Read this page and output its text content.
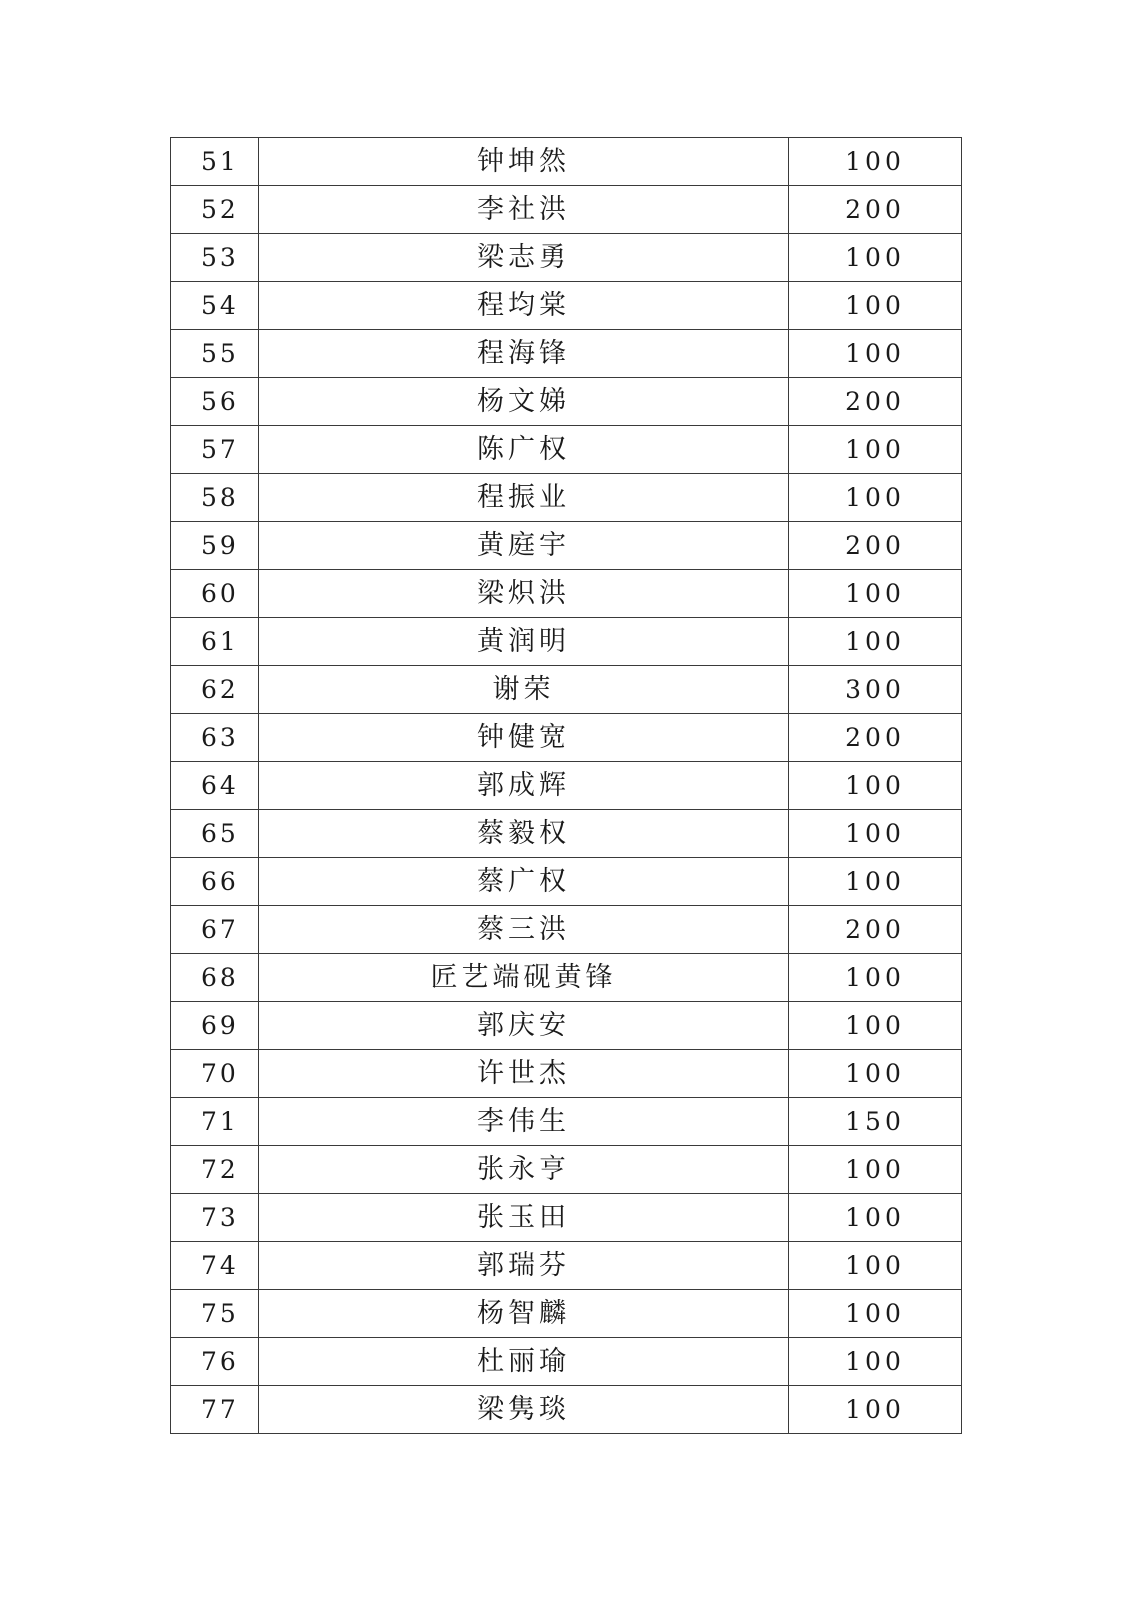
51	钟坤然	100
52	李社洪	200
53	梁志勇	100
54	程均棠	100
55	程海锋	100
56	杨文娣	200
57	陈广权	100
58	程振业	100
59	黄庭宇	200
60	梁炽洪	100
61	黄润明	100
62	谢荣	300
63	钟健宽	200
64	郭成辉	100
65	蔡毅权	100
66	蔡广权	100
67	蔡三洪	200
68	匠艺端砚黄锋	100
69	郭庆安	100
70	许世杰	100
71	李伟生	150
72	张永亨	100
73	张玉田	100
74	郭瑞芬	100
75	杨智麟	100
76	杜丽瑜	100
77	梁隽琰	100
